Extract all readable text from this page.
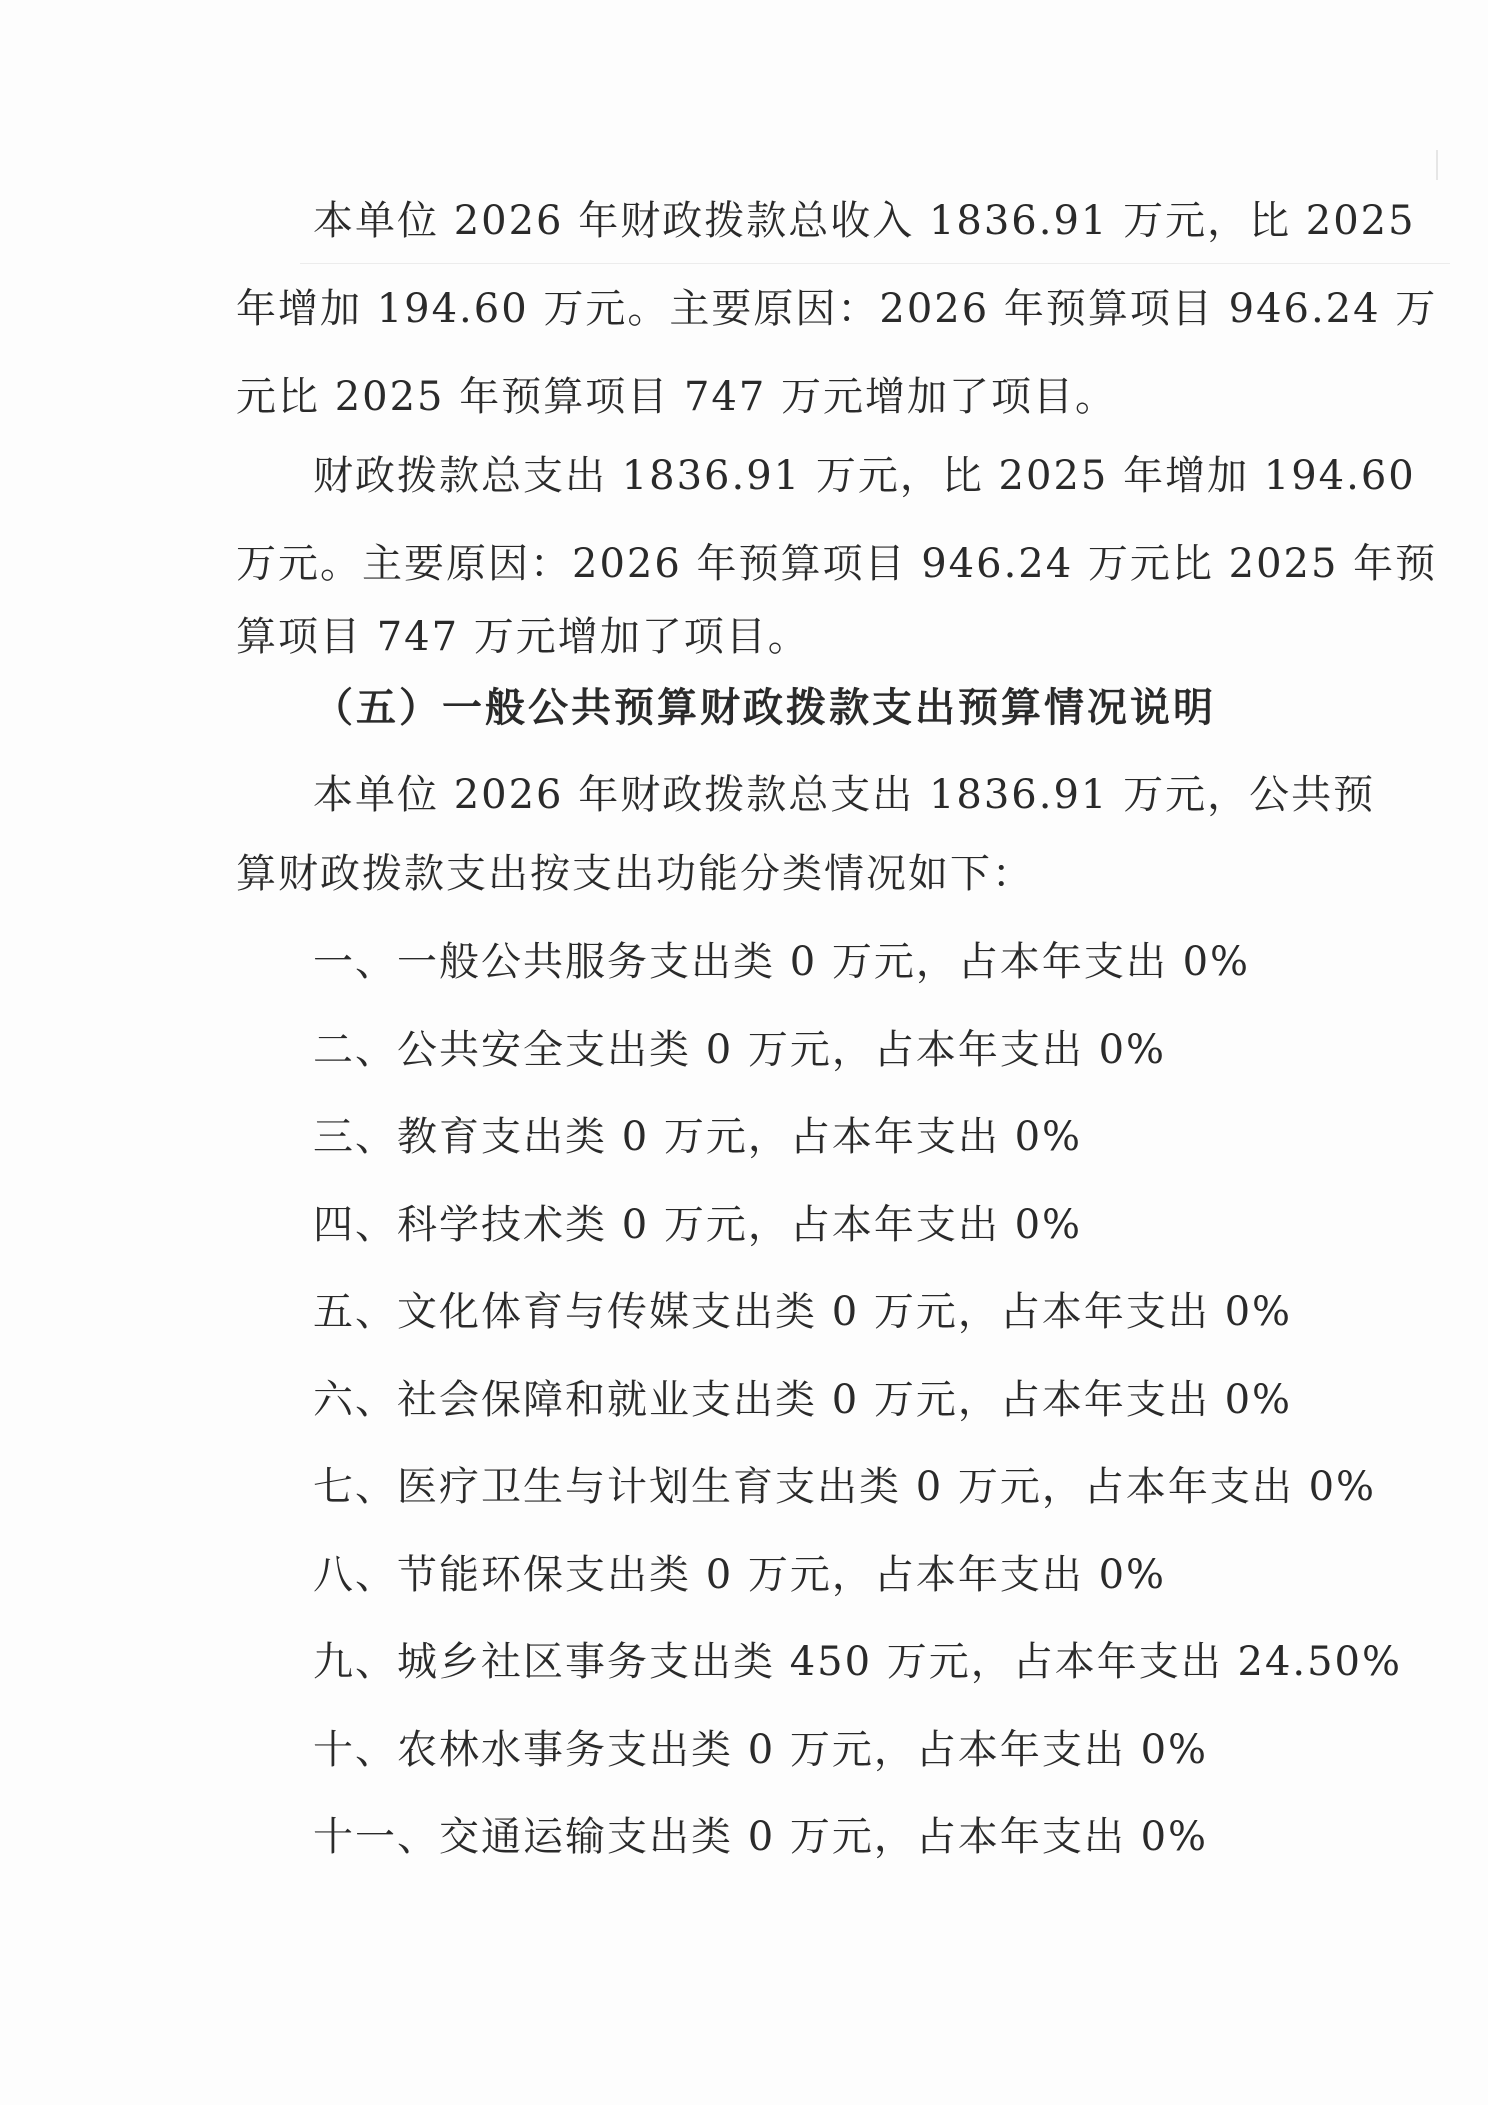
本单位 2026 年财政拨款总收入 1836.91 万元，比 2025

年增加 194.60 万元。主要原因：2026 年预算项目 946.24 万

元比 2025 年预算项目 747 万元增加了项目。

财政拨款总支出 1836.91 万元，比 2025 年增加 194.60

万元。主要原因：2026 年预算项目 946.24 万元比 2025 年预

算项目 747 万元增加了项目。

（五）一般公共预算财政拨款支出预算情况说明

本单位 2026 年财政拨款总支出 1836.91 万元，公共预

算财政拨款支出按支出功能分类情况如下：

一、一般公共服务支出类 0 万元，占本年支出 0%

二、公共安全支出类 0 万元，占本年支出 0%

三、教育支出类 0 万元，占本年支出 0%

四、科学技术类 0 万元，占本年支出 0%

五、文化体育与传媒支出类 0 万元，占本年支出 0%

六、社会保障和就业支出类 0 万元，占本年支出 0%

七、医疗卫生与计划生育支出类 0 万元，占本年支出 0%

八、节能环保支出类 0 万元，占本年支出 0%

九、城乡社区事务支出类 450 万元，占本年支出 24.50%

十、农林水事务支出类 0 万元，占本年支出 0%

十一、交通运输支出类 0 万元，占本年支出 0%
